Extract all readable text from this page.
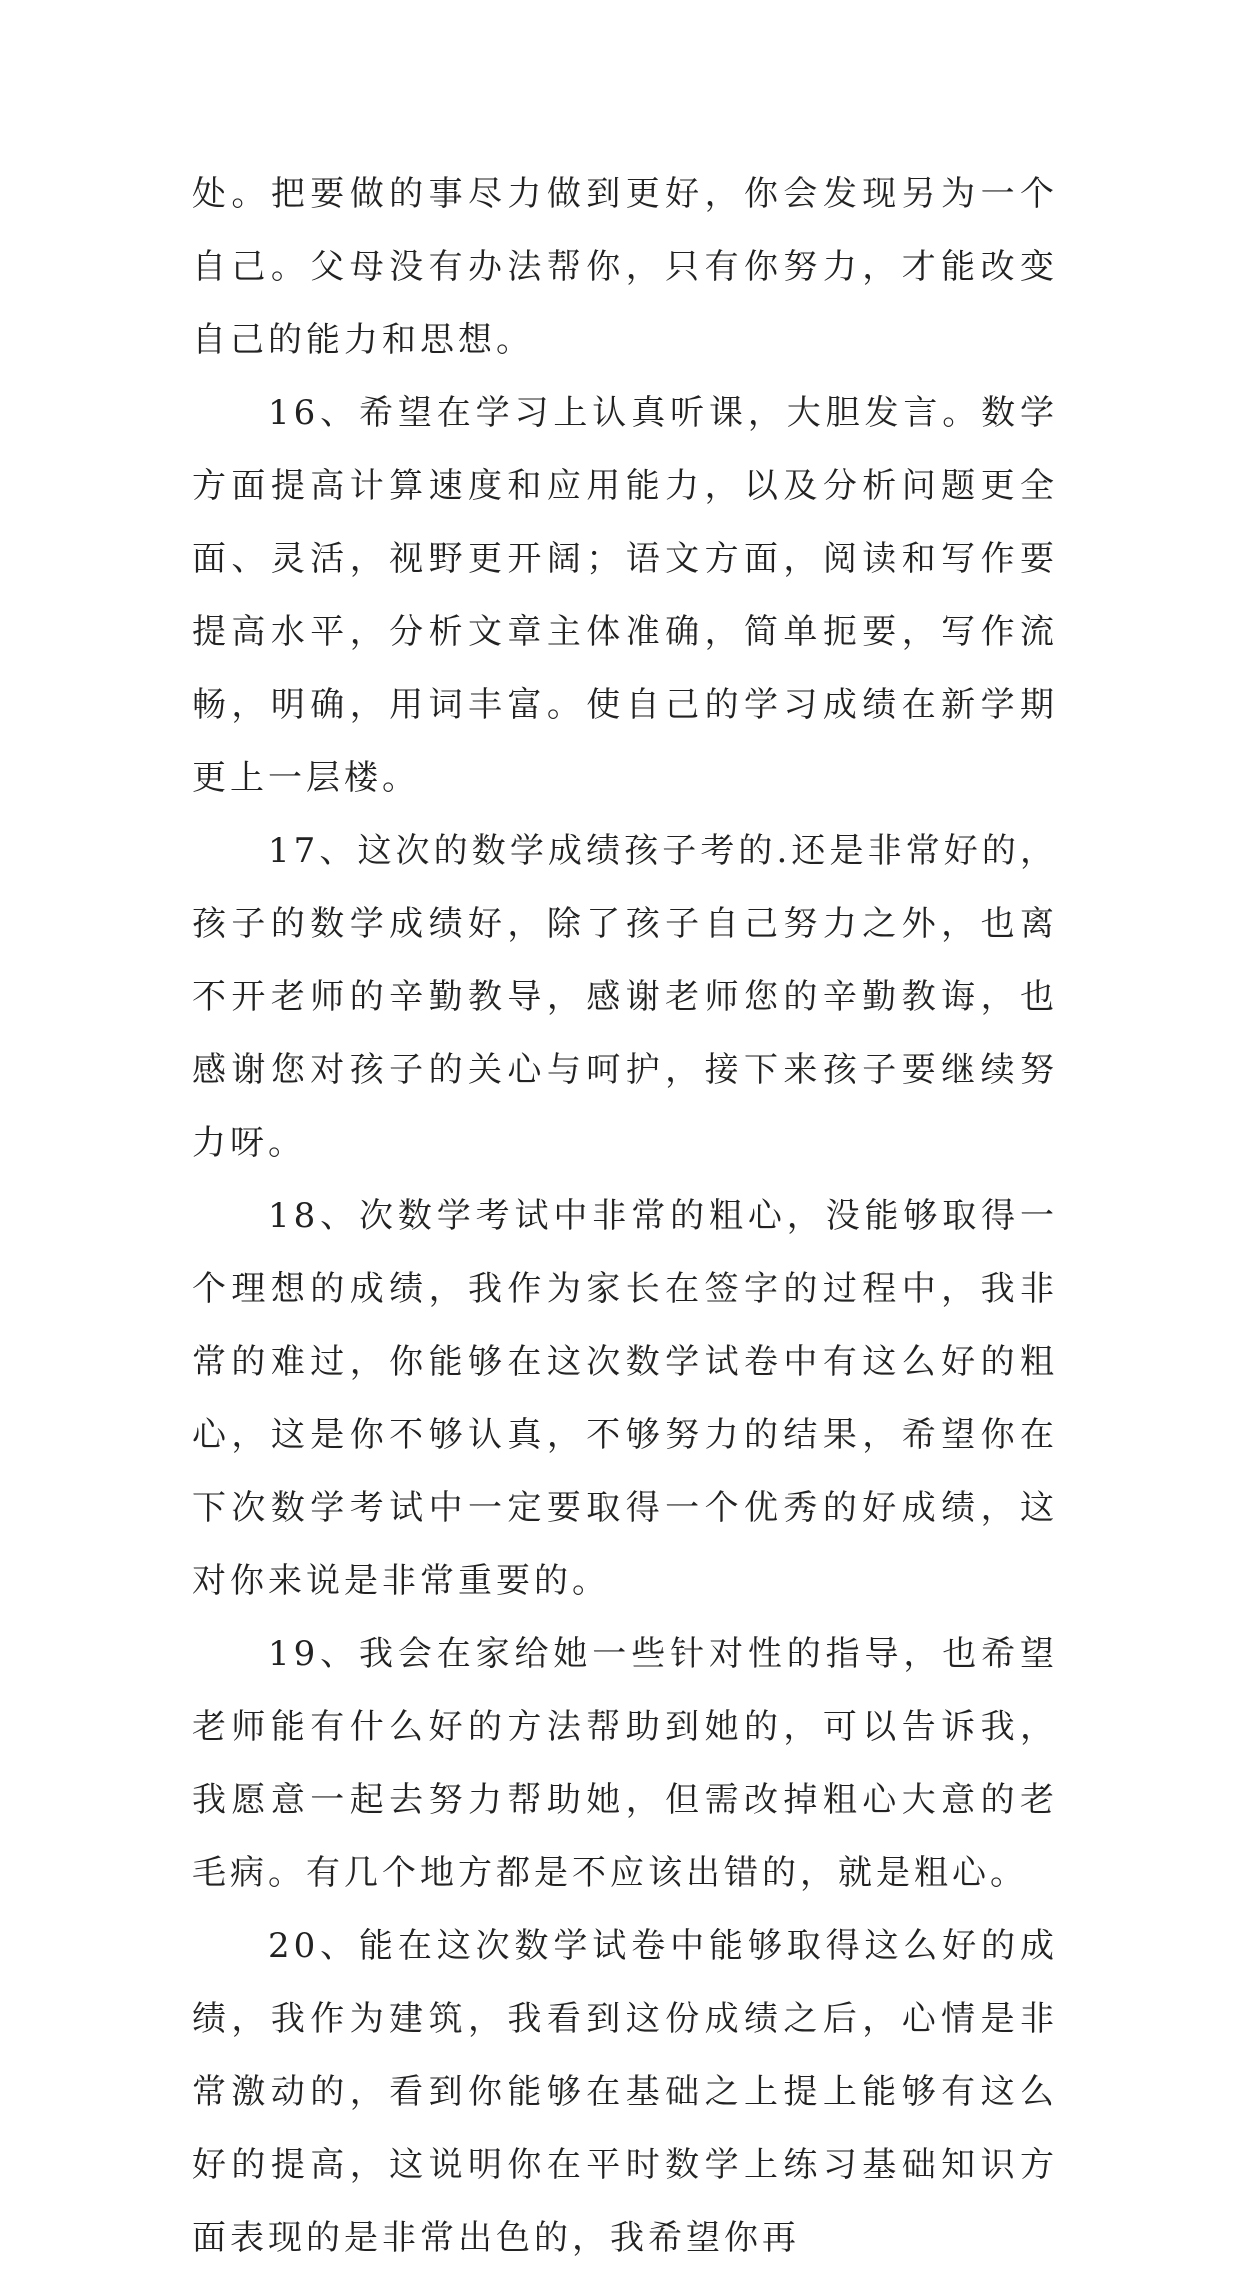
处。把要做的事尽力做到更好，你会发现另为一个自己。父母没有办法帮你，只有你努力，才能改变自己的能力和思想。

16、希望在学习上认真听课，大胆发言。数学方面提高计算速度和应用能力，以及分析问题更全面、灵活，视野更开阔；语文方面，阅读和写作要提高水平，分析文章主体准确，简单扼要，写作流畅，明确，用词丰富。使自己的学习成绩在新学期更上一层楼。

17、这次的数学成绩孩子考的.还是非常好的，孩子的数学成绩好，除了孩子自己努力之外，也离不开老师的辛勤教导，感谢老师您的辛勤教诲，也感谢您对孩子的关心与呵护，接下来孩子要继续努力呀。

18、次数学考试中非常的粗心，没能够取得一个理想的成绩，我作为家长在签字的过程中，我非常的难过，你能够在这次数学试卷中有这么好的粗心，这是你不够认真，不够努力的结果，希望你在下次数学考试中一定要取得一个优秀的好成绩，这对你来说是非常重要的。

19、我会在家给她一些针对性的指导，也希望老师能有什么好的方法帮助到她的，可以告诉我，我愿意一起去努力帮助她，但需改掉粗心大意的老毛病。有几个地方都是不应该出错的，就是粗心。

20、能在这次数学试卷中能够取得这么好的成绩，我作为建筑，我看到这份成绩之后，心情是非常激动的，看到你能够在基础之上提上能够有这么好的提高，这说明你在平时数学上练习基础知识方面表现的是非常出色的，我希望你再
